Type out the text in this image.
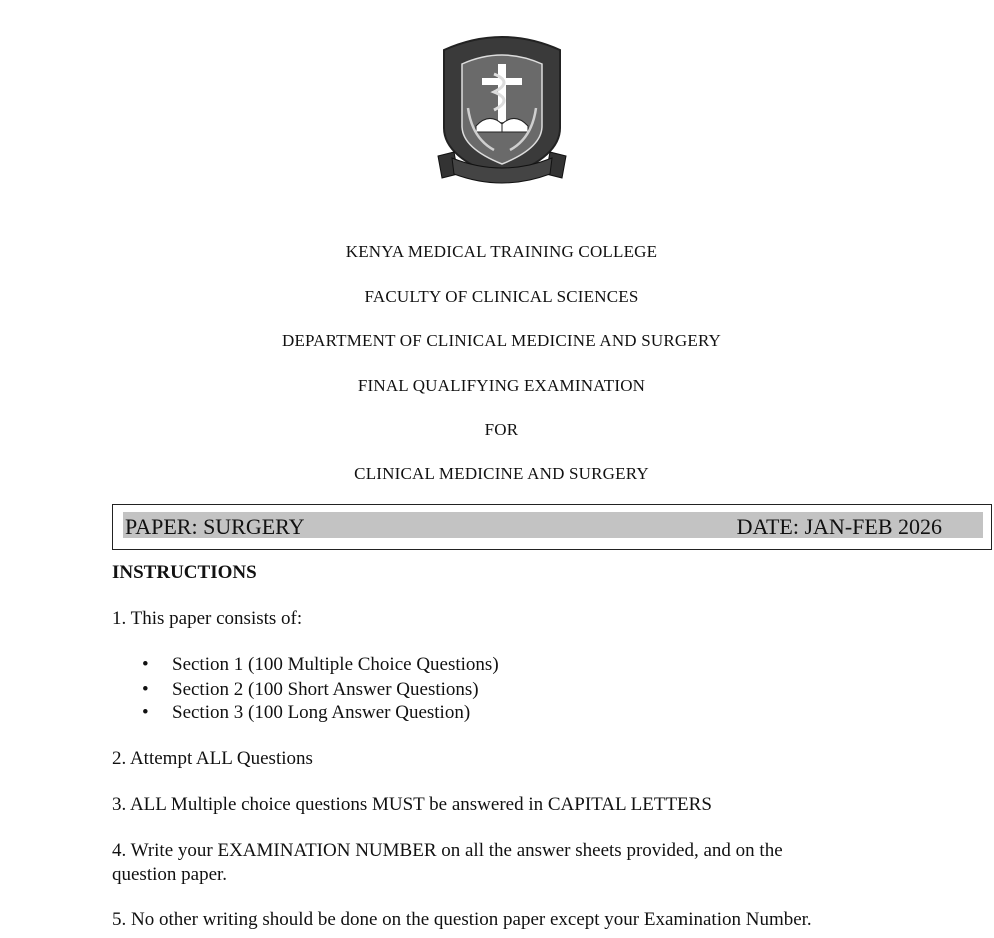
KENYA MEDICAL TRAINING COLLEGE
FACULTY OF CLINICAL SCIENCES
DEPARTMENT OF CLINICAL MEDICINE AND SURGERY
FINAL QUALIFYING EXAMINATION
FOR
CLINICAL MEDICINE AND SURGERY
PAPER: SURGERY	DATE: JAN-FEB 2026
INSTRUCTIONS
1. This paper consists of:
• Section 1 (100 Multiple Choice Questions)
• Section 2 (100 Short Answer Questions)
• Section 3 (100 Long Answer Question)
2. Attempt ALL Questions
3. ALL Multiple choice questions MUST be answered in CAPITAL LETTERS
4. Write your EXAMINATION NUMBER on all the answer sheets provided, and on the
question paper.
5. No other writing should be done on the question paper except your Examination Number.
